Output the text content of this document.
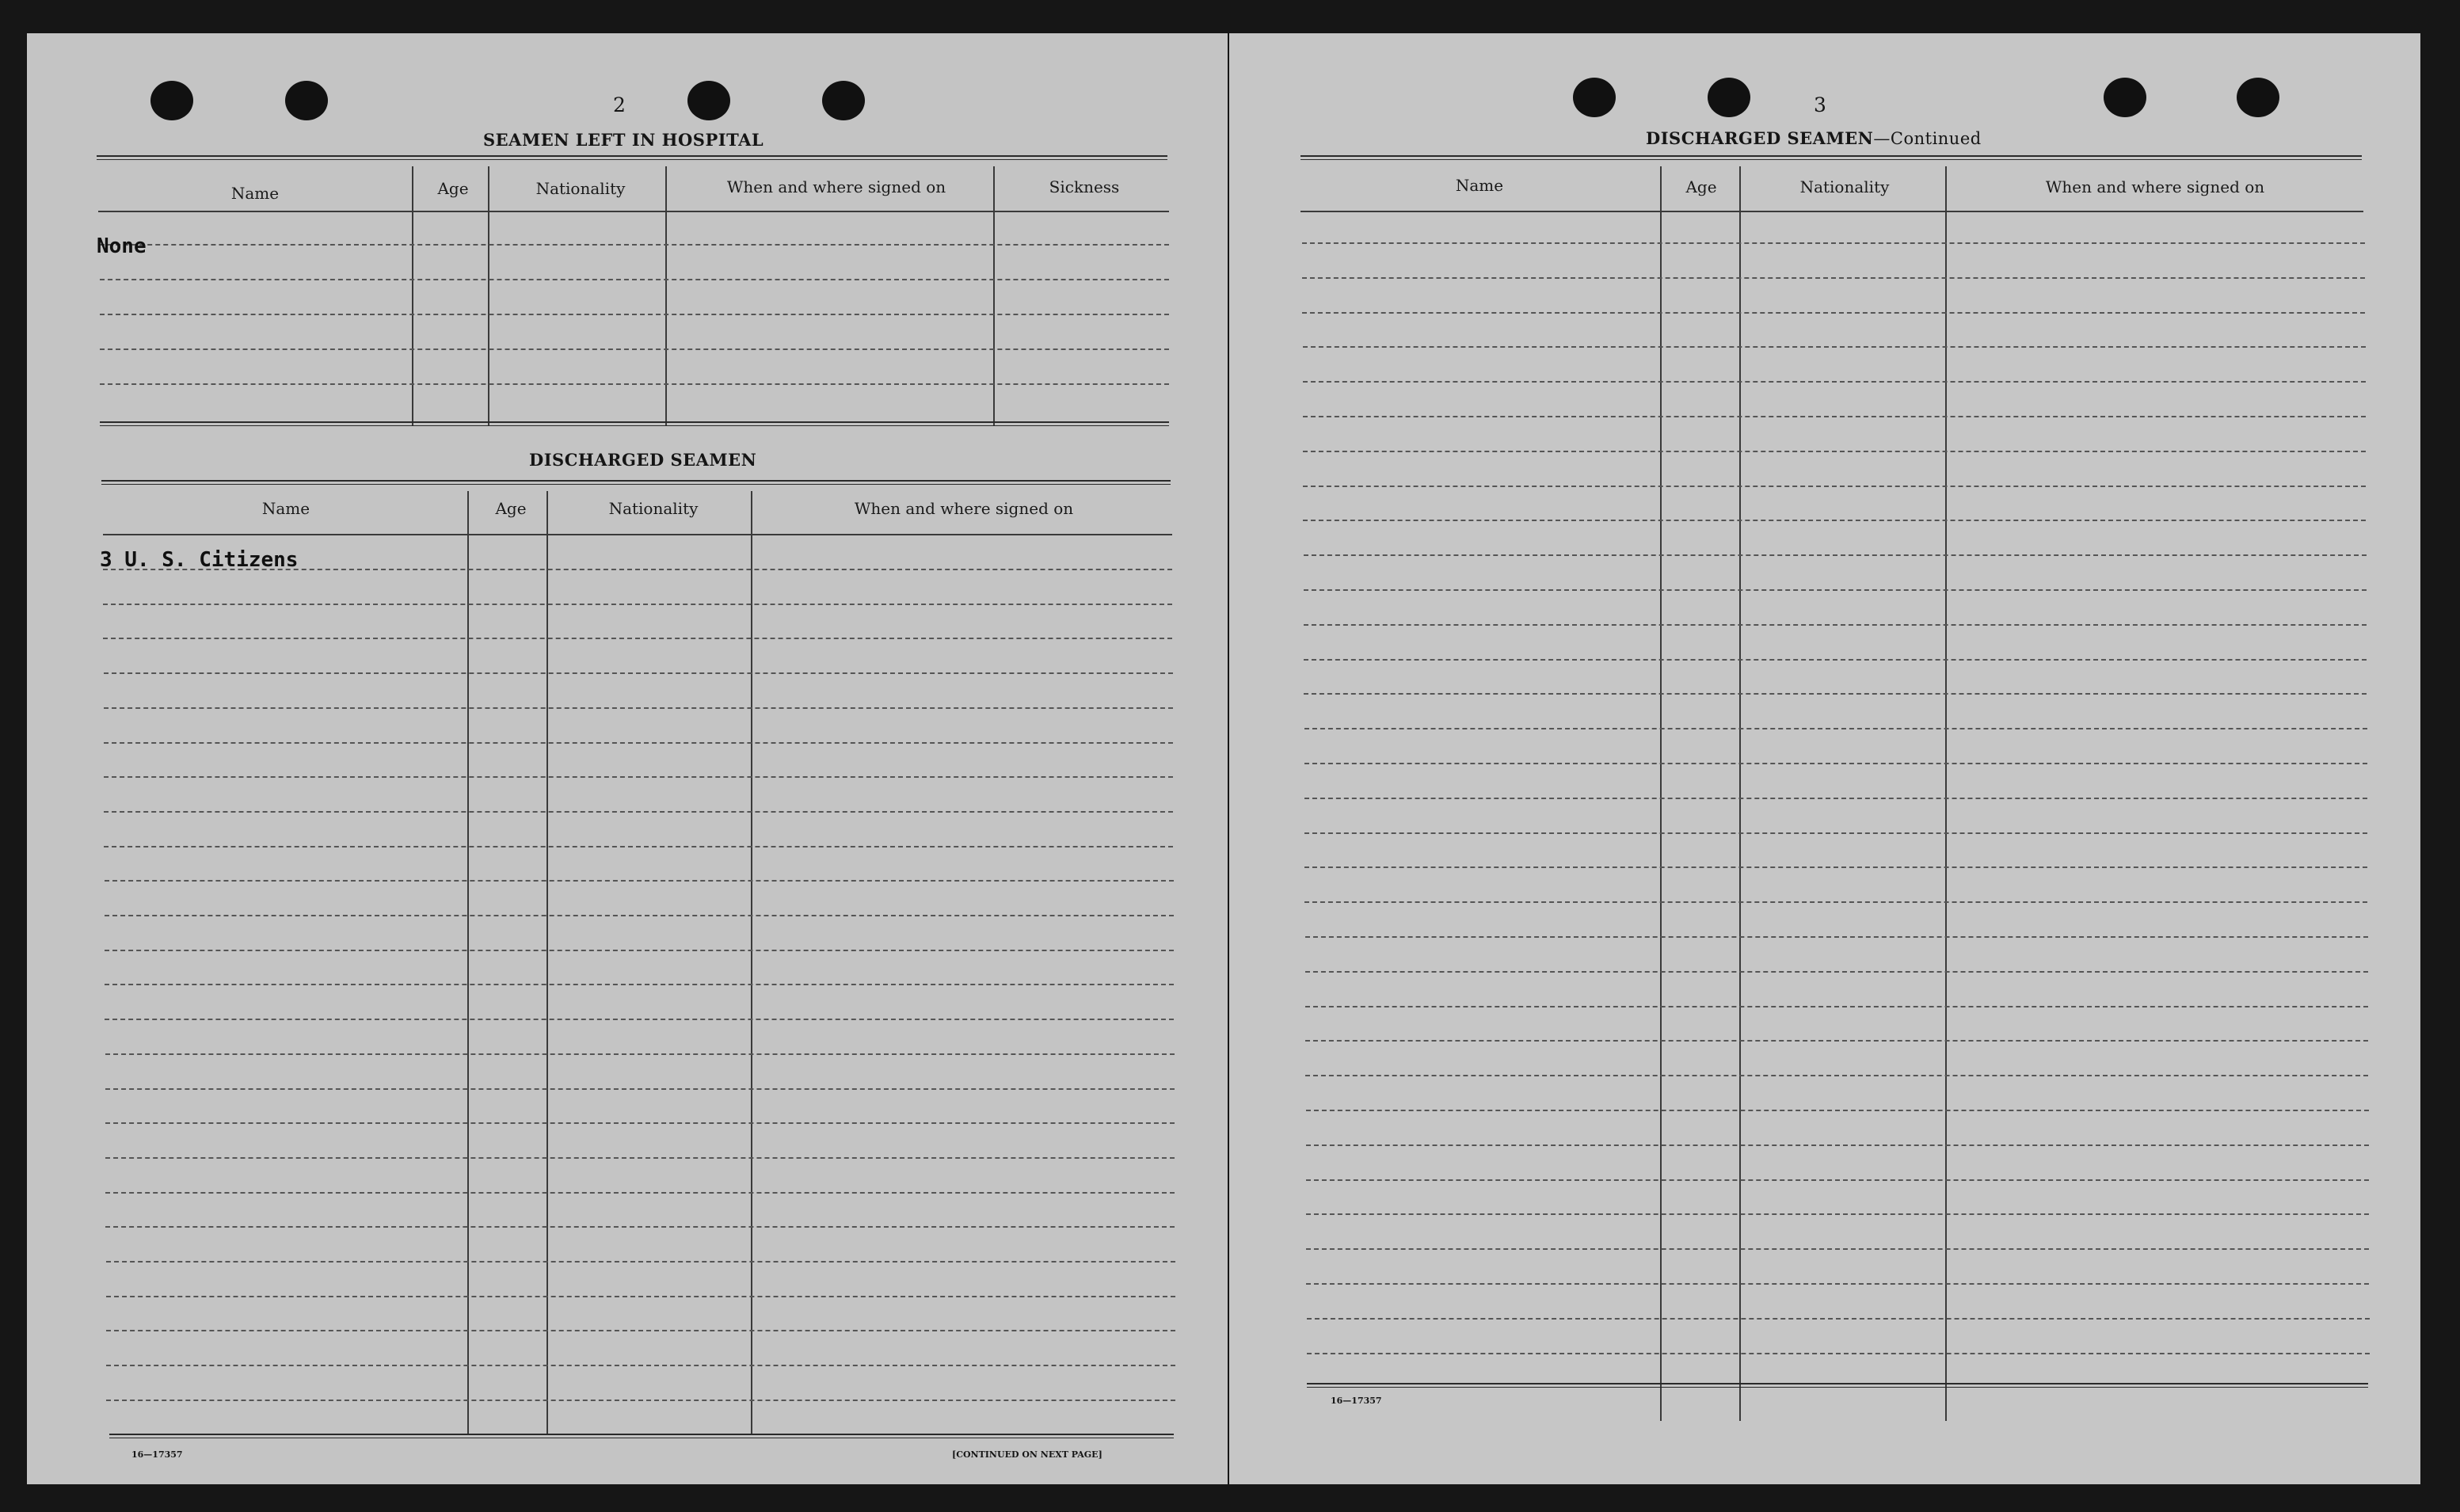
2
SEAMEN LEFT IN HOSPITAL
Name	Age	Nationality	When and where signed on	Sickness
None
DISCHARGED SEAMEN
Name	Age	Nationality	When and where signed on
3 U. S. Citizens
16—17357	[CONTINUED ON NEXT PAGE]
3
DISCHARGED SEAMEN—Continued
Name	Age	Nationality	When and where signed on
16—17357
